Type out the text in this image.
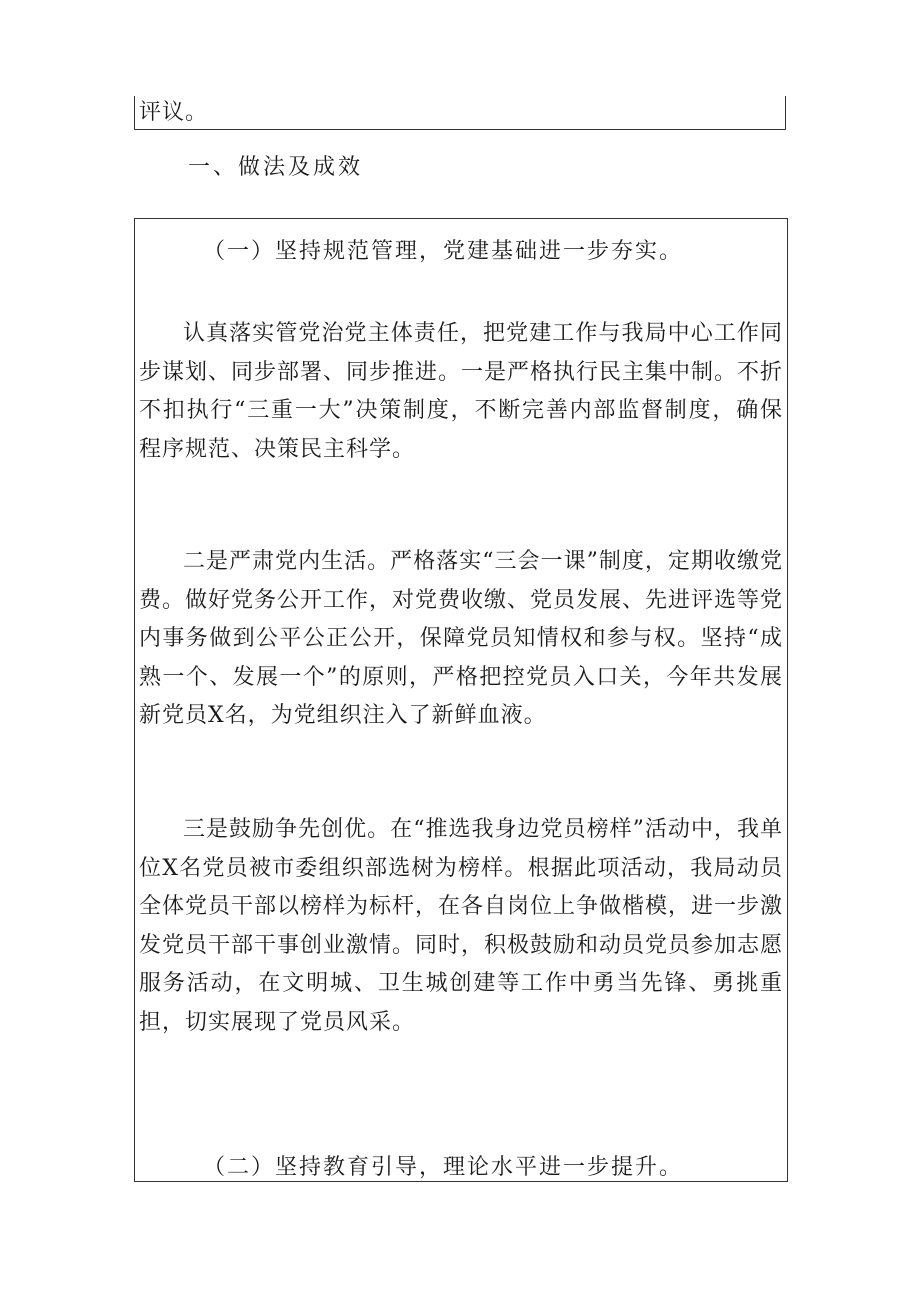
评议。

一、做法及成效

（一）坚持规范管理，党建基础进一步夯实。

认真落实管党治党主体责任，把党建工作与我局中心工作同步谋划、同步部署、同步推进。一是严格执行民主集中制。不折不扣执行“三重一大”决策制度，不断完善内部监督制度，确保程序规范、决策民主科学。

二是严肃党内生活。严格落实“三会一课”制度，定期收缴党费。做好党务公开工作，对党费收缴、党员发展、先进评选等党内事务做到公平公正公开，保障党员知情权和参与权。坚持“成熟一个、发展一个”的原则，严格把控党员入口关，今年共发展新党员X名，为党组织注入了新鲜血液。

三是鼓励争先创优。在“推选我身边党员榜样”活动中，我单位X名党员被市委组织部选树为榜样。根据此项活动，我局动员全体党员干部以榜样为标杆，在各自岗位上争做楷模，进一步激发党员干部干事创业激情。同时，积极鼓励和动员党员参加志愿服务活动，在文明城、卫生城创建等工作中勇当先锋、勇挑重担，切实展现了党员风采。

（二）坚持教育引导，理论水平进一步提升。
